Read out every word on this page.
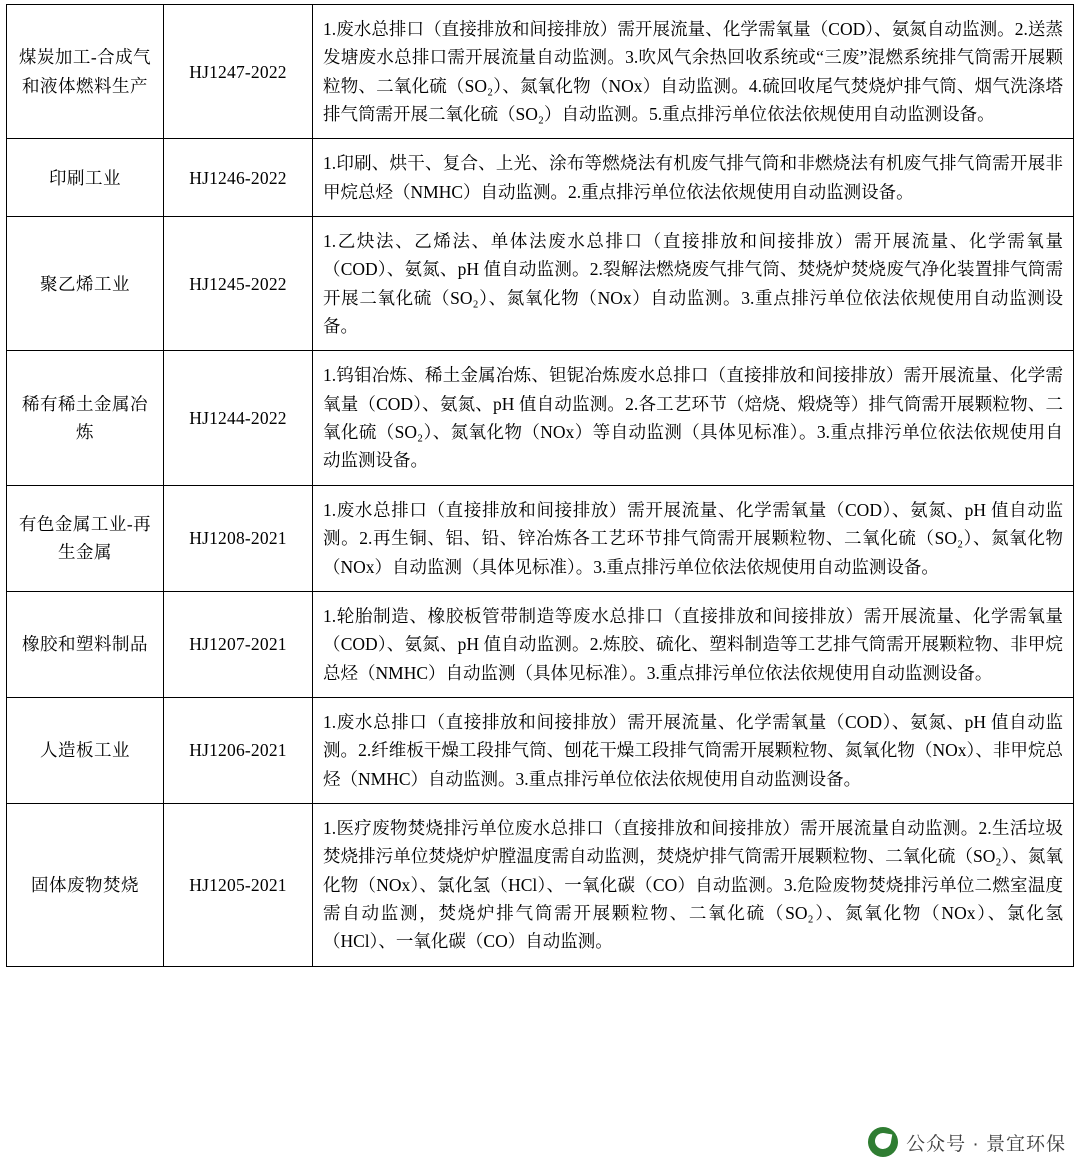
煤炭加工-合成气和液体燃料生产	HJ1247-2022	1.废水总排口（直接排放和间接排放）需开展流量、化学需氧量（COD）、氨氮自动监测。2.送蒸发塘废水总排口需开展流量自动监测。3.吹风气余热回收系统或“三废”混燃系统排气筒需开展颗粒物、二氧化硫（SO₂）、氮氧化物（NOx）自动监测。4.硫回收尾气焚烧炉排气筒、烟气洗涤塔排气筒需开展二氧化硫（SO₂）自动监测。5.重点排污单位依法依规使用自动监测设备。
印刷工业	HJ1246-2022	1.印刷、烘干、复合、上光、涂布等燃烧法有机废气排气筒和非燃烧法有机废气排气筒需开展非甲烷总烃（NMHC）自动监测。2.重点排污单位依法依规使用自动监测设备。
聚乙烯工业	HJ1245-2022	1.乙炔法、乙烯法、单体法废水总排口（直接排放和间接排放）需开展流量、化学需氧量（COD）、氨氮、pH 值自动监测。2.裂解法燃烧废气排气筒、焚烧炉焚烧废气净化装置排气筒需开展二氧化硫（SO₂）、氮氧化物（NOx）自动监测。3.重点排污单位依法依规使用自动监测设备。
稀有稀土金属冶炼	HJ1244-2022	1.钨钼冶炼、稀土金属冶炼、钽铌冶炼废水总排口（直接排放和间接排放）需开展流量、化学需氧量（COD）、氨氮、pH 值自动监测。2.各工艺环节（焙烧、煅烧等）排气筒需开展颗粒物、二氧化硫（SO₂）、氮氧化物（NOx）等自动监测（具体见标准）。3.重点排污单位依法依规使用自动监测设备。
有色金属工业-再生金属	HJ1208-2021	1.废水总排口（直接排放和间接排放）需开展流量、化学需氧量（COD）、氨氮、pH 值自动监测。2.再生铜、铝、铅、锌冶炼各工艺环节排气筒需开展颗粒物、二氧化硫（SO₂）、氮氧化物（NOx）自动监测（具体见标准）。3.重点排污单位依法依规使用自动监测设备。
橡胶和塑料制品	HJ1207-2021	1.轮胎制造、橡胶板管带制造等废水总排口（直接排放和间接排放）需开展流量、化学需氧量（COD）、氨氮、pH 值自动监测。2.炼胶、硫化、塑料制造等工艺排气筒需开展颗粒物、非甲烷总烃（NMHC）自动监测（具体见标准）。3.重点排污单位依法依规使用自动监测设备。
人造板工业	HJ1206-2021	1.废水总排口（直接排放和间接排放）需开展流量、化学需氧量（COD）、氨氮、pH 值自动监测。2.纤维板干燥工段排气筒、刨花干燥工段排气筒需开展颗粒物、氮氧化物（NOx）、非甲烷总烃（NMHC）自动监测。3.重点排污单位依法依规使用自动监测设备。
固体废物焚烧	HJ1205-2021	1.医疗废物焚烧排污单位废水总排口（直接排放和间接排放）需开展流量自动监测。2.生活垃圾焚烧排污单位焚烧炉炉膛温度需自动监测，焚烧炉排气筒需开展颗粒物、二氧化硫（SO₂）、氮氧化物（NOx）、氯化氢（HCl）、一氧化碳（CO）自动监测。3.危险废物焚烧排污单位二燃室温度需自动监测，焚烧炉排气筒需开展颗粒物、二氧化硫（SO₂）、氮氧化物（NOx）、氯化氢（HCl）、一氧化碳（CO）自动监测。
公众号 · 景宜环保
